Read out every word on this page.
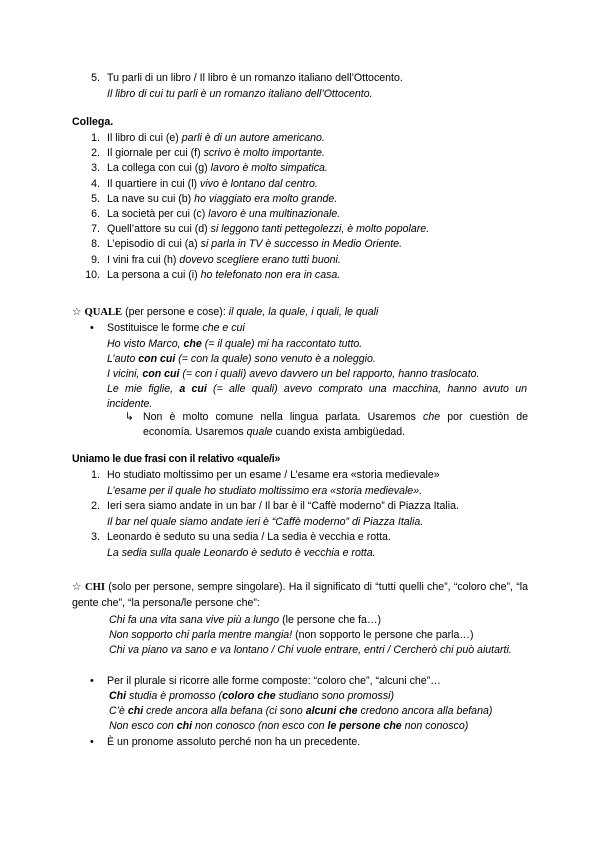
5. Tu parli di un libro / Il libro è un romanzo italiano dell’Ottocento.
Il libro di cui tu parli è un romanzo italiano dell’Ottocento.
Collega.
1. Il libro di cui (e) parli è di un autore americano.
2. Il giornale per cui (f) scrivo è molto importante.
3. La collega con cui (g) lavoro è molto simpatica.
4. Il quartiere in cui (l) vivo è lontano dal centro.
5. La nave su cui (b) ho viaggiato era molto grande.
6. La società per cui (c) lavoro è una multinazionale.
7. Quell’attore su cui (d) si leggono tanti pettegolezzi, è molto popolare.
8. L’episodio di cui (a) si parla in TV è successo in Medio Oriente.
9. I vini fra cui (h) dovevo scegliere erano tutti buoni.
10. La persona a cui (i) ho telefonato non era in casa.
☆ QUALE (per persone e cose): il quale, la quale, i quali, le quali
• Sostituisce le forme che e cui
Ho visto Marco, che (= il quale) mi ha raccontato tutto.
L’auto con cui (= con la quale) sono venuto è a noleggio.
I vicini, con cui (= con i quali) avevo davvero un bel rapporto, hanno traslocato.
Le mie figlie, a cui (= alle quali) avevo comprato una macchina, hanno avuto un incidente.
↳ Non è molto comune nella lingua parlata. Usaremos che por cuestión de economía. Usaremos quale cuando exista ambigüedad.
Uniamo le due frasi con il relativo «quale/i»
1. Ho studiato moltissimo per un esame / L’esame era «storia medievale»
L’esame per il quale ho studiato moltissimo era «storia medievale».
2. Ieri sera siamo andate in un bar / Il bar è il “Caffè moderno” di Piazza Italia.
Il bar nel quale siamo andate ieri è “Caffè moderno” di Piazza Italia.
3. Leonardo è seduto su una sedia / La sedia è vecchia e rotta.
La sedia sulla quale Leonardo è seduto è vecchia e rotta.
☆ CHI (solo per persone, sempre singolare). Ha il significato di “tutti quelli che”, “coloro che”, “la gente che”, “la persona/le persone che”:
Chi fa una vita sana vive più a lungo (le persone che fa…)
Non sopporto chi parla mentre mangia! (non sopporto le persone che parla…)
Chi va piano va sano e va lontano / Chi vuole entrare, entri / Cercherò chi può aiutarti.
• Per il plurale si ricorre alle forme composte: “coloro che”, “alcuni che”…
Chi studia è promosso (coloro che studiano sono promossi)
C’è chi crede ancora alla befana (ci sono alcuni che credono ancora alla befana)
Non esco con chi non conosco (non esco con le persone che non conosco)
• È un pronome assoluto perché non ha un precedente.
